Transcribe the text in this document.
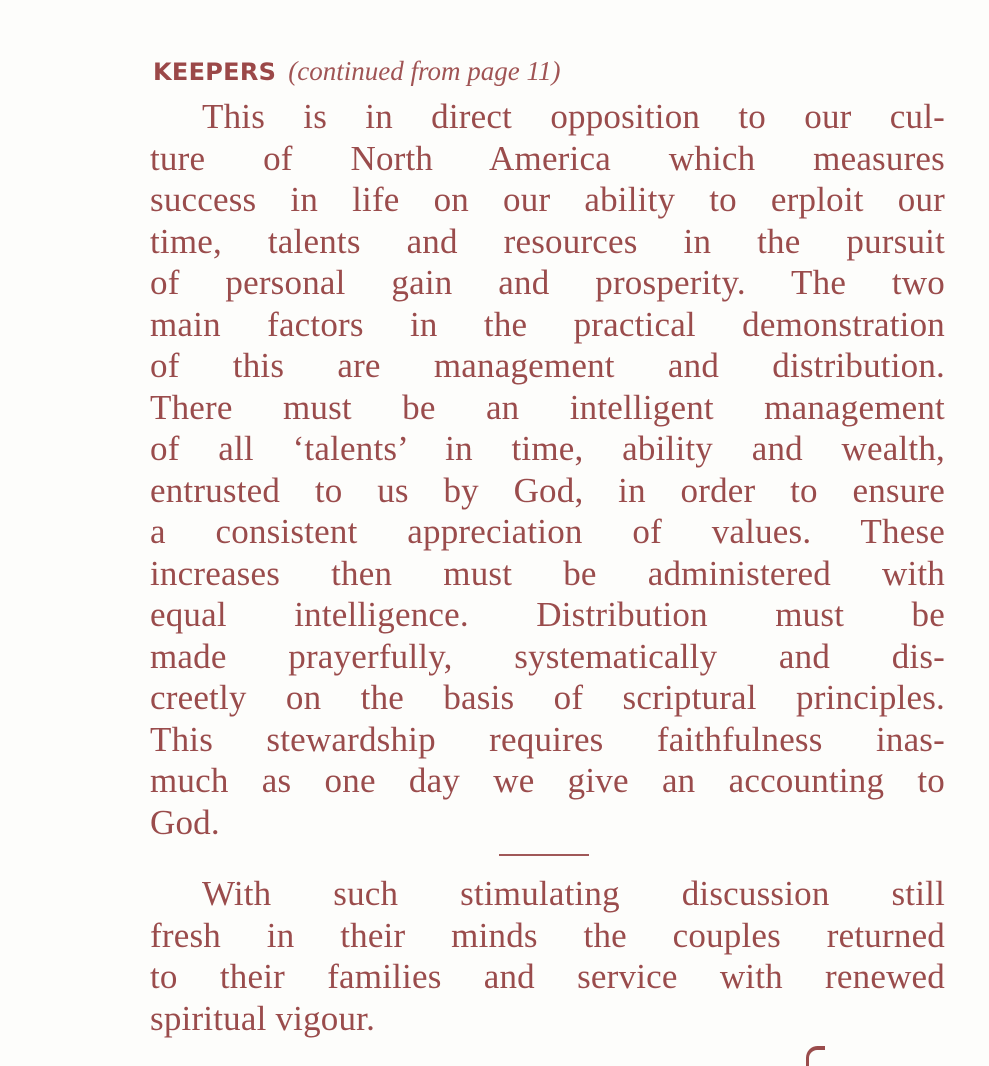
KEEPERS (continued from page 11)
This is in direct opposition to our cul-
ture of North America which measures
success in life on our ability to erploit our
time, talents and resources in the pursuit
of personal gain and prosperity. The two
main factors in the practical demonstration
of this are management and distribution.
There must be an intelligent management
of all ‘talents’ in time, ability and wealth,
entrusted to us by God, in order to ensure
a consistent appreciation of values. These
increases then must be administered with
equal intelligence. Distribution must be
made prayerfully, systematically and dis-
creetly on the basis of scriptural principles.
This stewardship requires faithfulness inas-
much as one day we give an accounting to
God.
With such stimulating discussion still
fresh in their minds the couples returned
to their families and service with renewed
spiritual vigour.
